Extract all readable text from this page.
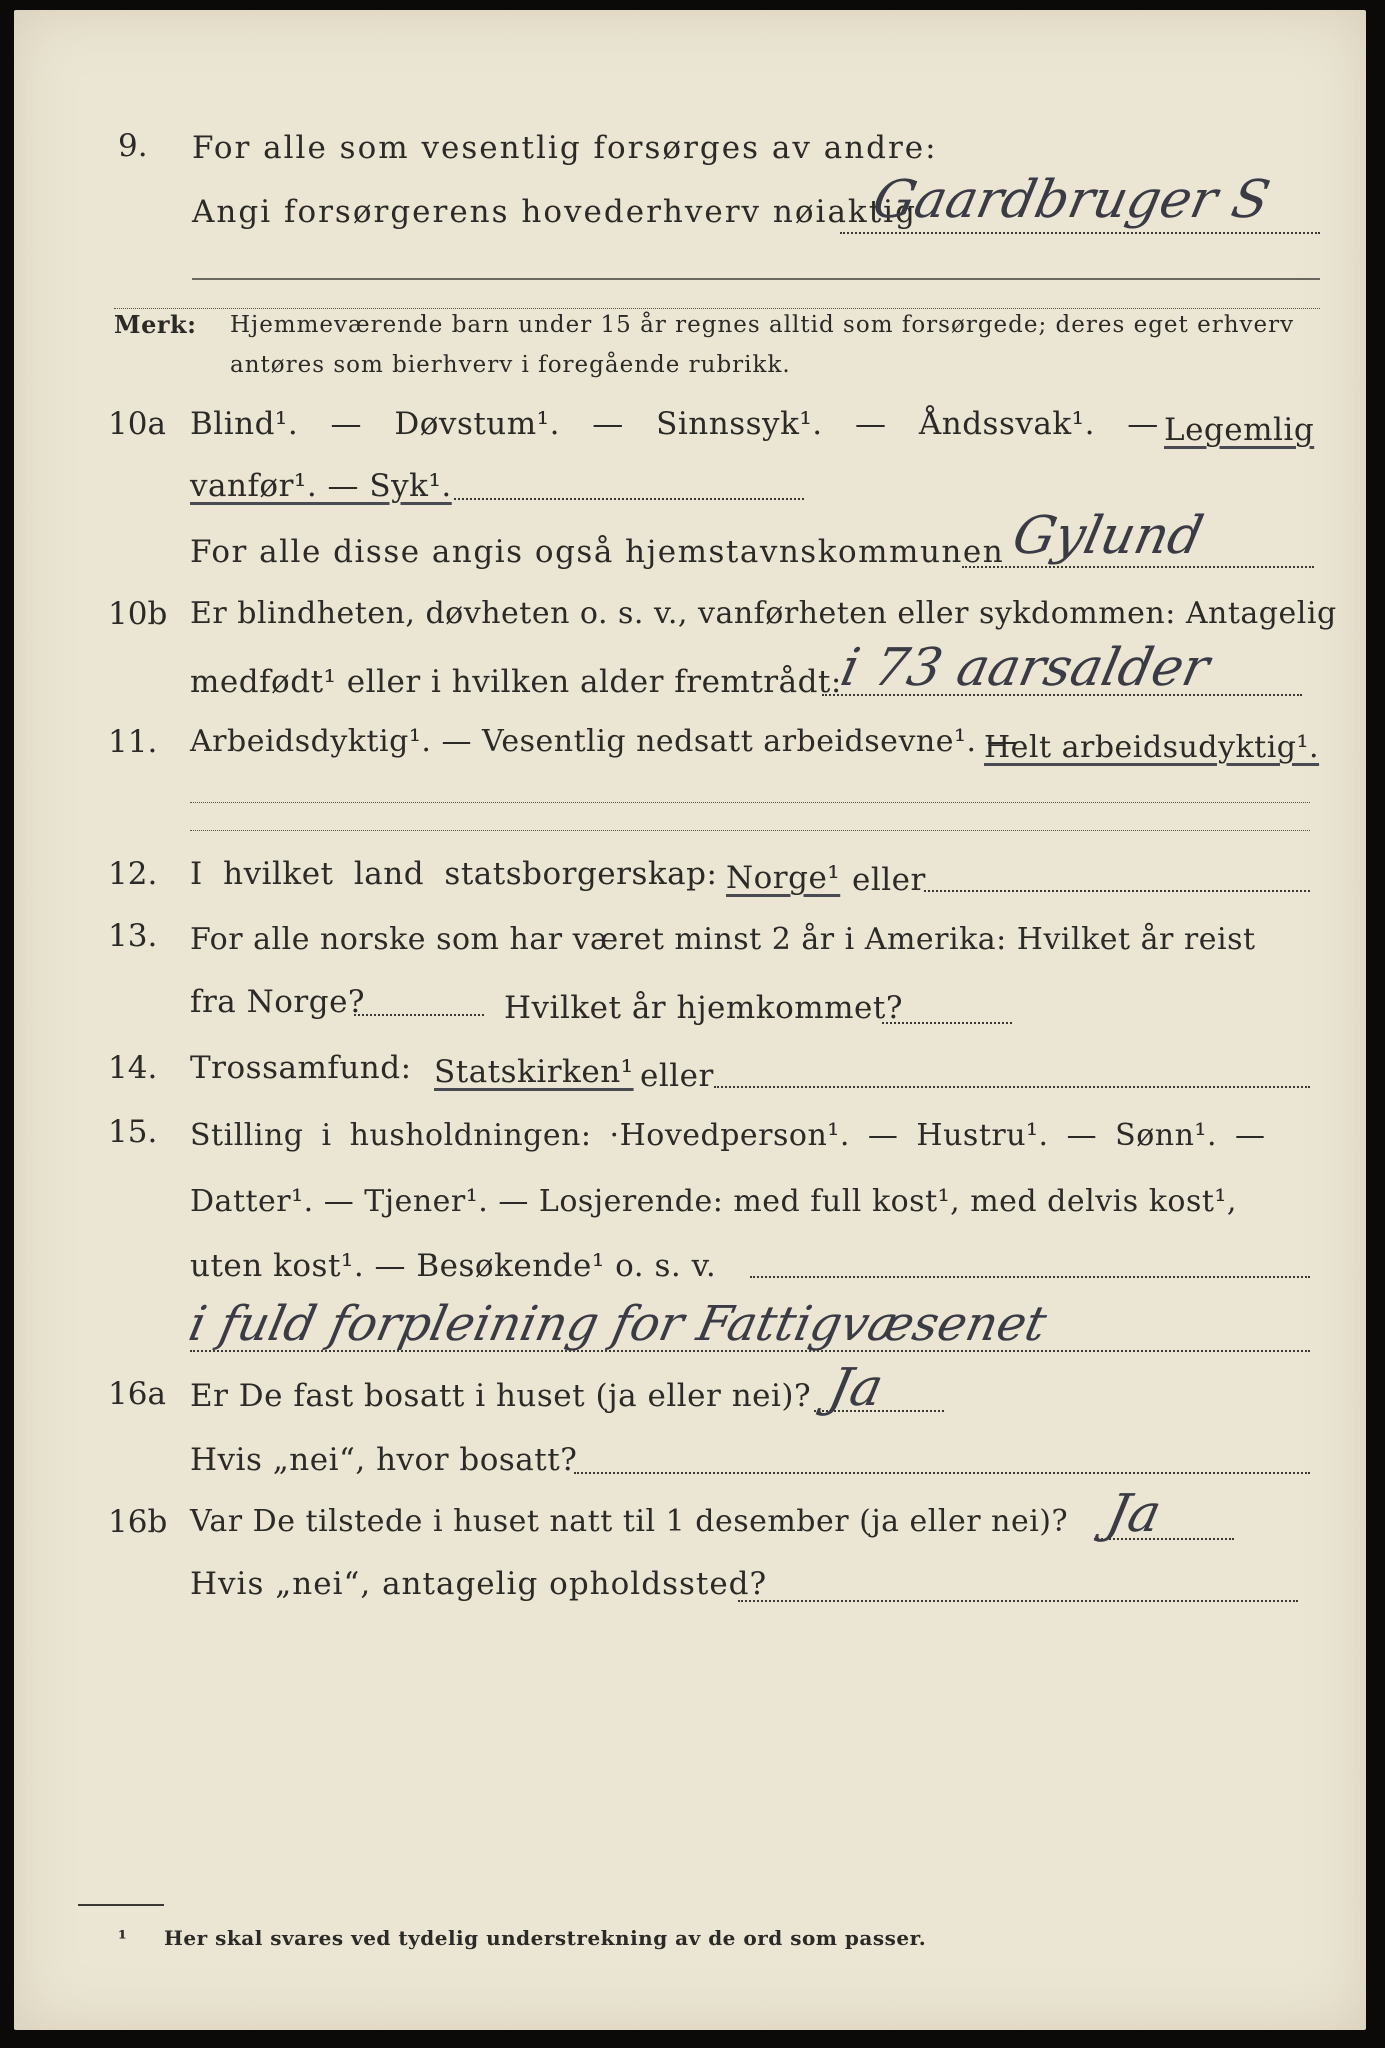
9. For alle som vesentlig forsørges av andre:
Angi forsørgerens hovederhverv nøiaktig
Gaardbruger S
Merk: Hjemmeværende barn under 15 år regnes alltid som forsørgede; deres eget erhverv
antøres som bierhverv i foregående rubrikk.
10a Blind¹. — Døvstum¹. — Sinnssyk¹. — Åndssvak¹. — Legemlig
vanfør¹. — Syk¹.
For alle disse angis også hjemstavnskommunen Gylund
10b Er blindheten, døvheten o. s. v., vanførheten eller sykdommen: Antagelig
medfødt¹ eller i hvilken alder fremtrådt:
i 73 aarsalder
11. Arbeidsdyktig¹. — Vesentlig nedsatt arbeidsevne¹. —
Helt arbeidsudyktig¹.
12. I hvilket land statsborgerskap: Norge¹ eller
13. For alle norske som har været minst 2 år i Amerika: Hvilket år reist
fra Norge?	Hvilket år hjemkommet?
14. Trossamfund: Statskirken¹ eller
15. Stilling i husholdningen: ·Hovedperson¹. — Hustru¹. — Sønn¹. —
Datter¹. — Tjener¹. — Losjerende: med full kost¹, med delvis kost¹,
uten kost¹. — Besøkende¹ o. s. v.
i fuld forpleining for Fattigvæsenet
16a Er De fast bosatt i huset (ja eller nei)? Ja
Hvis „nei“, hvor bosatt?
16b Var De tilstede i huset natt til 1 desember (ja eller nei)? Ja
Hvis „nei“, antagelig opholdssted?
¹ Her skal svares ved tydelig understrekning av de ord som passer.
